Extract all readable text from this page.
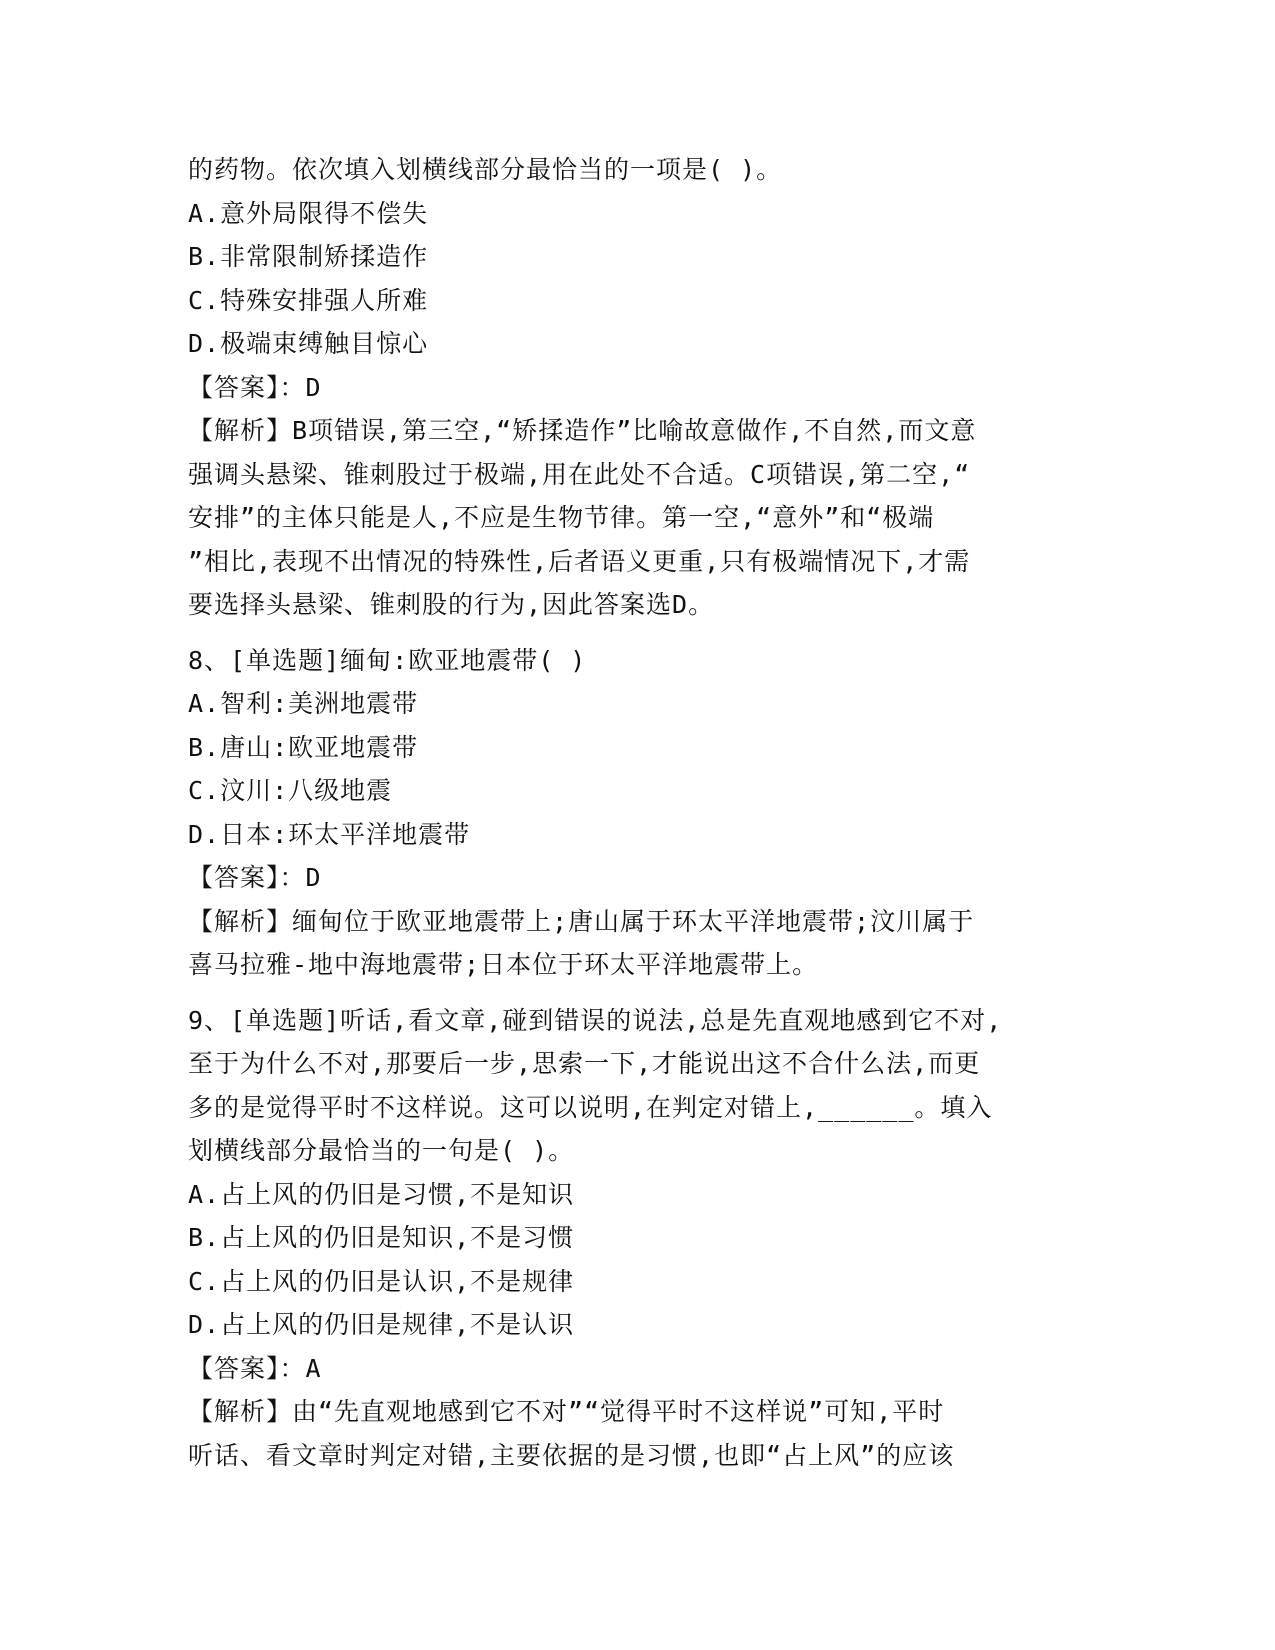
的药物。依次填入划横线部分最恰当的一项是( )。
A.意外局限得不偿失
B.非常限制矫揉造作
C.特殊安排强人所难
D.极端束缚触目惊心
【答案】：D
【解析】B项错误,第三空,“矫揉造作”比喻故意做作,不自然,而文意
强调头悬梁、锥刺股过于极端,用在此处不合适。C项错误,第二空,“
安排”的主体只能是人,不应是生物节律。第一空,“意外”和“极端
”相比,表现不出情况的特殊性,后者语义更重,只有极端情况下,才需
要选择头悬梁、锥刺股的行为,因此答案选D。
8、[单选题]缅甸:欧亚地震带( )
A.智利:美洲地震带
B.唐山:欧亚地震带
C.汶川:八级地震
D.日本:环太平洋地震带
【答案】：D
【解析】缅甸位于欧亚地震带上;唐山属于环太平洋地震带;汶川属于
喜马拉雅-地中海地震带;日本位于环太平洋地震带上。
9、[单选题]听话,看文章,碰到错误的说法,总是先直观地感到它不对,
至于为什么不对,那要后一步,思索一下,才能说出这不合什么法,而更
多的是觉得平时不这样说。这可以说明,在判定对错上,______。填入
划横线部分最恰当的一句是( )。
A.占上风的仍旧是习惯,不是知识
B.占上风的仍旧是知识,不是习惯
C.占上风的仍旧是认识,不是规律
D.占上风的仍旧是规律,不是认识
【答案】：A
【解析】由“先直观地感到它不对”“觉得平时不这样说”可知,平时
听话、看文章时判定对错,主要依据的是习惯,也即“占上风”的应该
